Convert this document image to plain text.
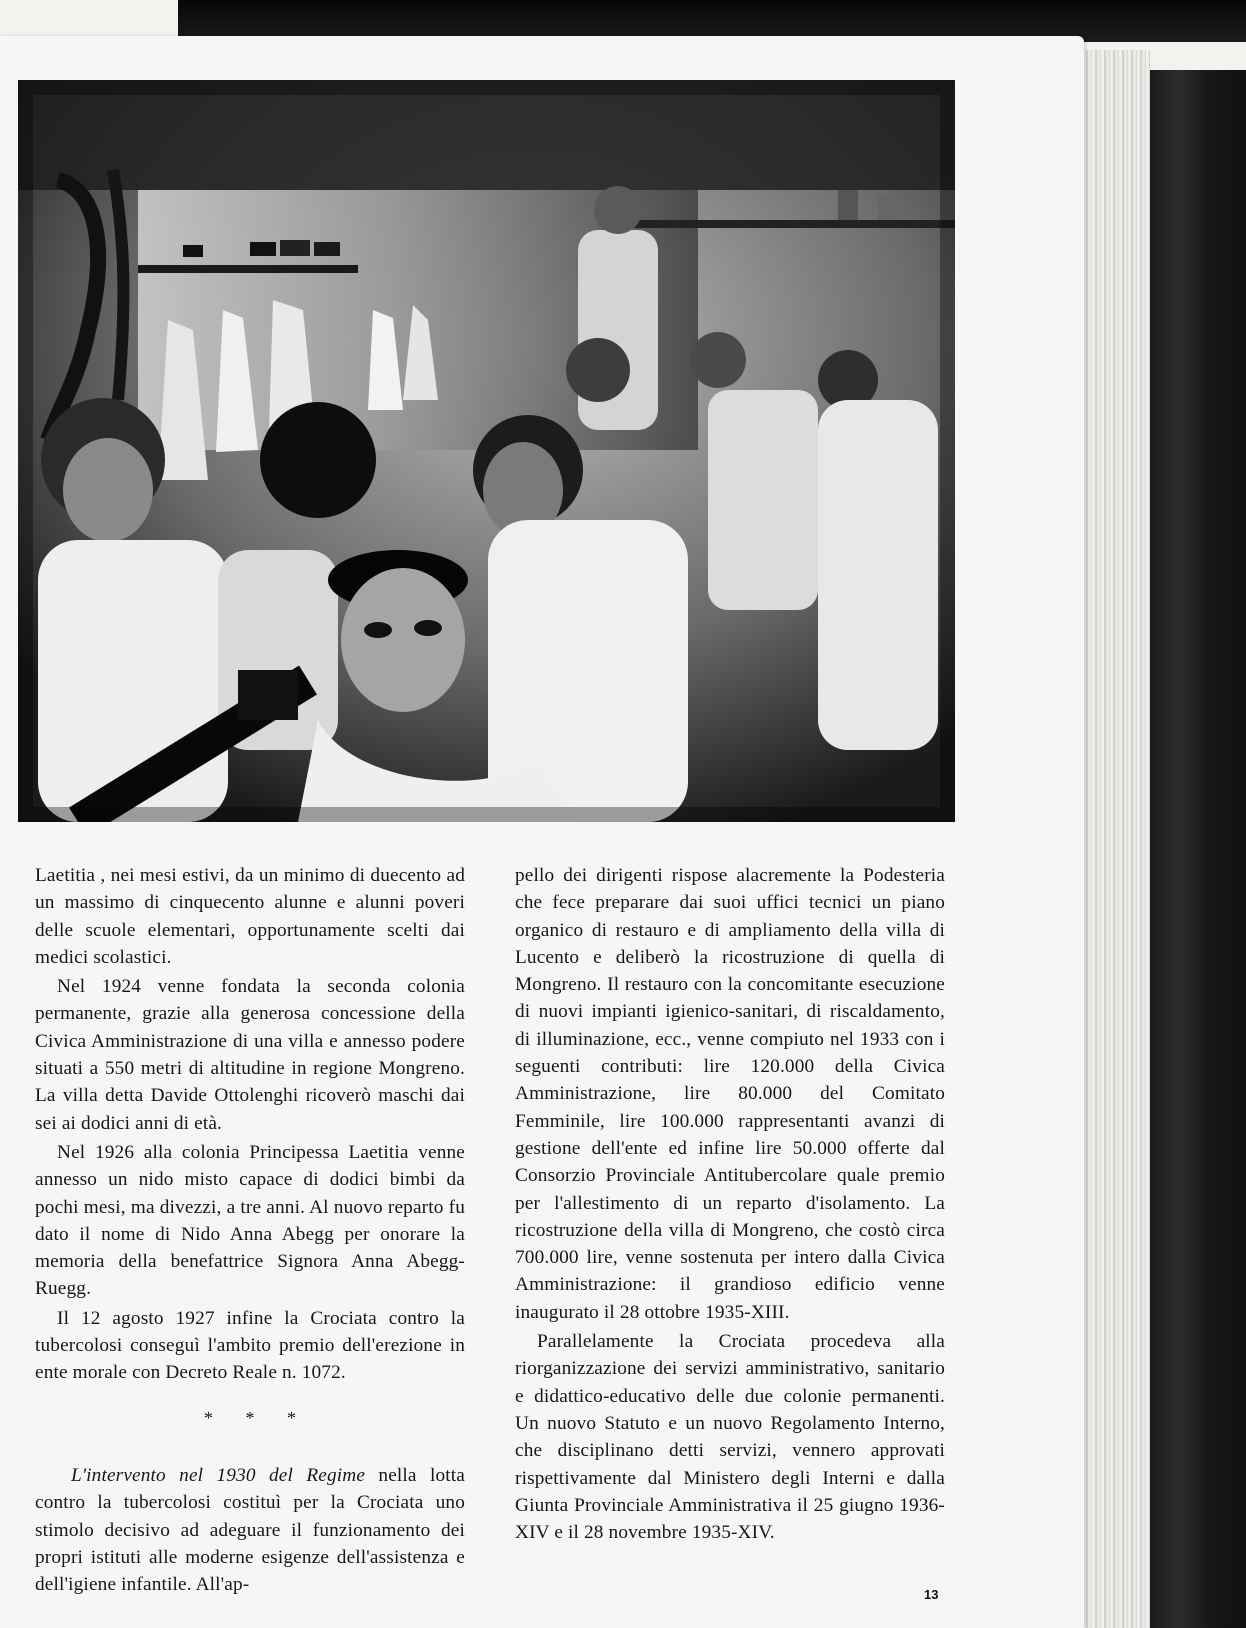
Laetitia , nei mesi estivi, da un minimo di duecento ad un massimo di cinquecento alunne e alunni poveri delle scuole elementari, opportunamente scelti dai medici scolastici.

Nel 1924 venne fondata la seconda colonia permanente, grazie alla generosa concessione della Civica Amministrazione di una villa e annesso podere situati a 550 metri di altitudine in regione Mongreno. La villa detta Davide Ottolenghi ricoverò maschi dai sei ai dodici anni di età.

Nel 1926 alla colonia Principessa Laetitia venne annesso un nido misto capace di dodici bimbi da pochi mesi, ma divezzi, a tre anni. Al nuovo reparto fu dato il nome di Nido Anna Abegg per onorare la memoria della benefattrice Signora Anna Abegg-Ruegg.

Il 12 agosto 1927 infine la Crociata contro la tubercolosi conseguì l'ambito premio dell'erezione in ente morale con Decreto Reale n. 1072.

* * *

L'intervento nel 1930 del Regime nella lotta contro la tubercolosi costituì per la Crociata uno stimolo decisivo ad adeguare il funzionamento dei propri istituti alle moderne esigenze dell'assistenza e dell'igiene infantile. All'ap-

pello dei dirigenti rispose alacremente la Podesteria che fece preparare dai suoi uffici tecnici un piano organico di restauro e di ampliamento della villa di Lucento e deliberò la ricostruzione di quella di Mongreno. Il restauro con la concomitante esecuzione di nuovi impianti igienico-sanitari, di riscaldamento, di illuminazione, ecc., venne compiuto nel 1933 con i seguenti contributi: lire 120.000 della Civica Amministrazione, lire 80.000 del Comitato Femminile, lire 100.000 rappresentanti avanzi di gestione dell'ente ed infine lire 50.000 offerte dal Consorzio Provinciale Antitubercolare quale premio per l'allestimento di un reparto d'isolamento. La ricostruzione della villa di Mongreno, che costò circa 700.000 lire, venne sostenuta per intero dalla Civica Amministrazione: il grandioso edificio venne inaugurato il 28 ottobre 1935-XIII.

Parallelamente la Crociata procedeva alla riorganizzazione dei servizi amministrativo, sanitario e didattico-educativo delle due colonie permanenti. Un nuovo Statuto e un nuovo Regolamento Interno, che disciplinano detti servizi, vennero approvati rispettivamente dal Ministero degli Interni e dalla Giunta Provinciale Amministrativa il 25 giugno 1936-XIV e il 28 novembre 1935-XIV.

13
